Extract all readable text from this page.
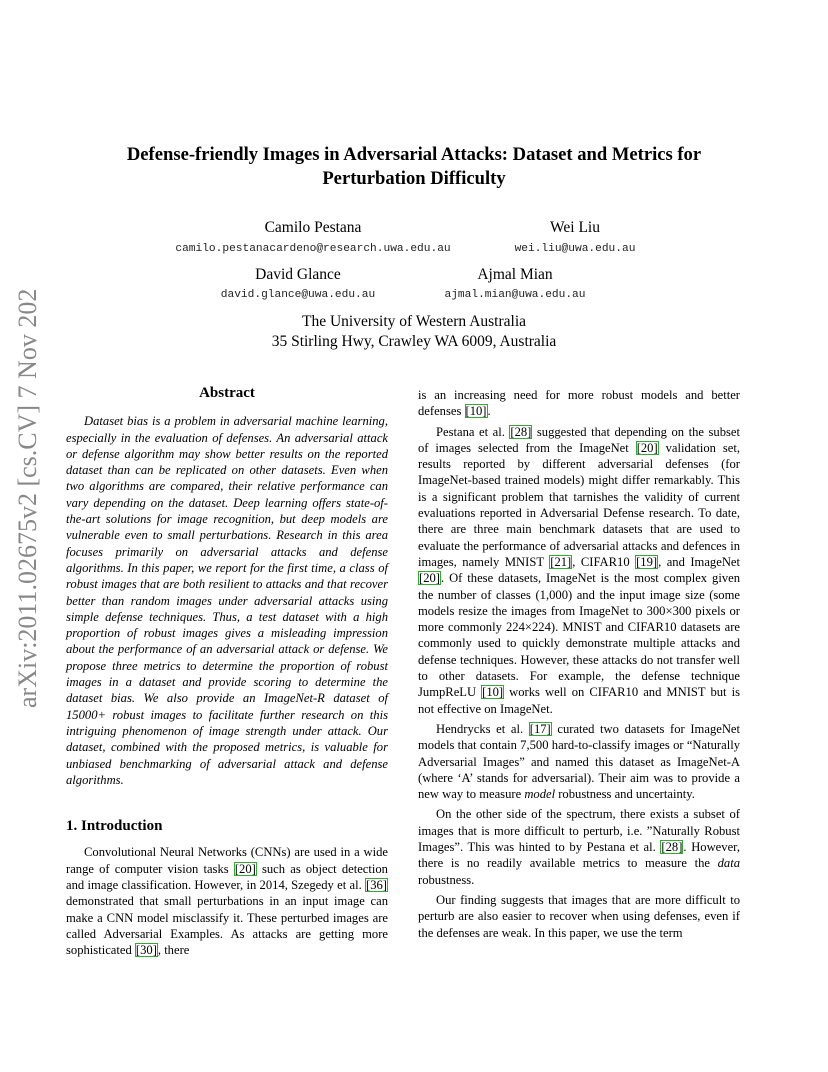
arXiv:2011.02675v2 [cs.CV] 7 Nov 2020
Defense-friendly Images in Adversarial Attacks: Dataset and Metrics for
Perturbation Difficulty
Camilo Pestana
camilo.pestanacardeno@research.uwa.edu.au
Wei Liu
wei.liu@uwa.edu.au
David Glance
david.glance@uwa.edu.au
Ajmal Mian
ajmal.mian@uwa.edu.au
The University of Western Australia
35 Stirling Hwy, Crawley WA 6009, Australia
Abstract

Dataset bias is a problem in adversarial machine learning, especially in the evaluation of defenses. An adversarial attack or defense algorithm may show better results on the reported dataset than can be replicated on other datasets. Even when two algorithms are compared, their relative performance can vary depending on the dataset. Deep learning offers state-of-the-art solutions for image recognition, but deep models are vulnerable even to small perturbations. Research in this area focuses primarily on adversarial attacks and defense algorithms. In this paper, we report for the first time, a class of robust images that are both resilient to attacks and that recover better than random images under adversarial attacks using simple defense techniques. Thus, a test dataset with a high proportion of robust images gives a misleading impression about the performance of an adversarial attack or defense. We propose three metrics to determine the proportion of robust images in a dataset and provide scoring to determine the dataset bias. We also provide an ImageNet-R dataset of 15000+ robust images to facilitate further research on this intriguing phenomenon of image strength under attack. Our dataset, combined with the proposed metrics, is valuable for unbiased benchmarking of adversarial attack and defense algorithms.

1. Introduction

Convolutional Neural Networks (CNNs) are used in a wide range of computer vision tasks [20] such as object detection and image classification. However, in 2014, Szegedy et al. [36] demonstrated that small perturbations in an input image can make a CNN model misclassify it. These perturbed images are called Adversarial Examples. As attacks are getting more sophisticated [30], there

is an increasing need for more robust models and better defenses [10].

Pestana et al. [28] suggested that depending on the subset of images selected from the ImageNet [20] validation set, results reported by different adversarial defenses (for ImageNet-based trained models) might differ remarkably. This is a significant problem that tarnishes the validity of current evaluations reported in Adversarial Defense research. To date, there are three main benchmark datasets that are used to evaluate the performance of adversarial attacks and defences in images, namely MNIST [21], CIFAR10 [19], and ImageNet [20]. Of these datasets, ImageNet is the most complex given the number of classes (1,000) and the input image size (some models resize the images from ImageNet to 300×300 pixels or more commonly 224×224). MNIST and CIFAR10 datasets are commonly used to quickly demonstrate multiple attacks and defense techniques. However, these attacks do not transfer well to other datasets. For example, the defense technique JumpReLU [10] works well on CIFAR10 and MNIST but is not effective on ImageNet.

Hendrycks et al. [17] curated two datasets for ImageNet models that contain 7,500 hard-to-classify images or “Naturally Adversarial Images” and named this dataset as ImageNet-A (where ‘A’ stands for adversarial). Their aim was to provide a new way to measure model robustness and uncertainty.

On the other side of the spectrum, there exists a subset of images that is more difficult to perturb, i.e. ”Naturally Robust Images”. This was hinted to by Pestana et al. [28]. However, there is no readily available metrics to measure the data robustness.

Our finding suggests that images that are more difficult to perturb are also easier to recover when using defenses, even if the defenses are weak. In this paper, we use the term
